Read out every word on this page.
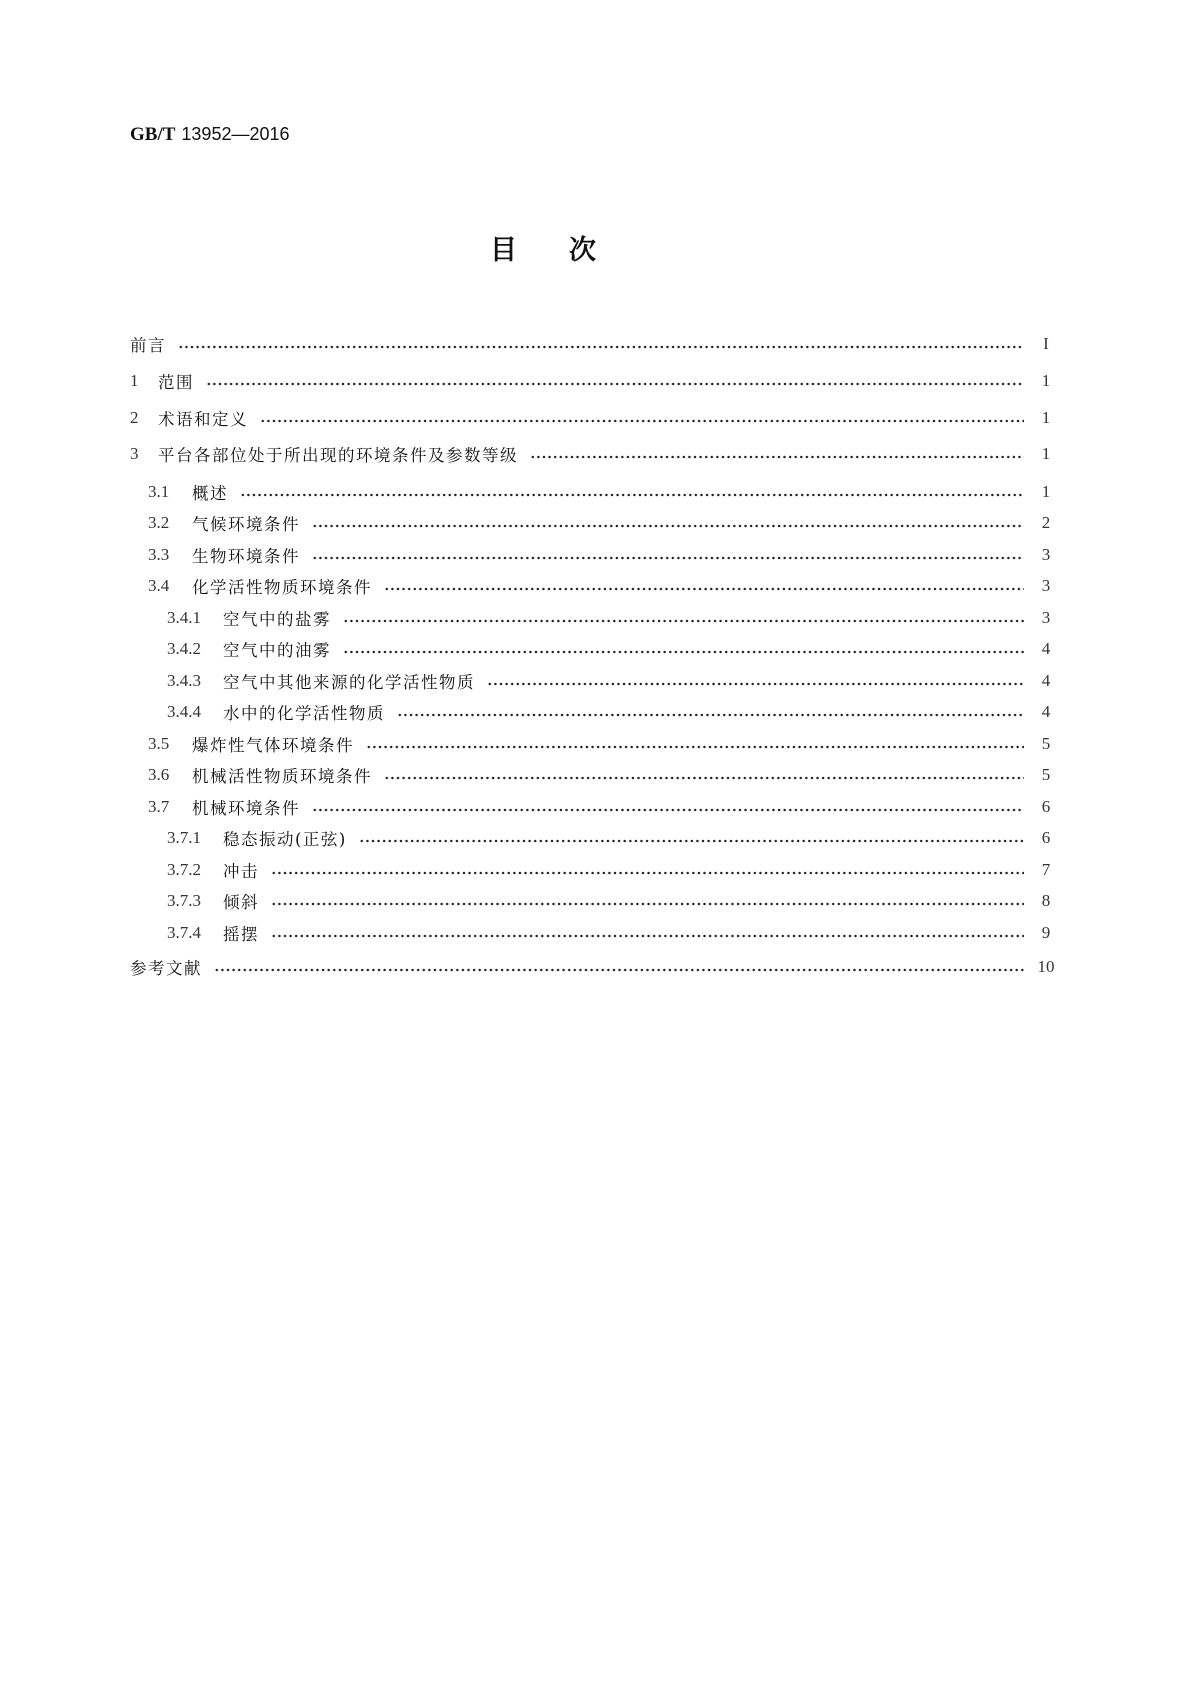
GB/T 13952—2016
目 次
前言	I
1	范围	1
2	术语和定义	1
3	平台各部位处于所出现的环境条件及参数等级	1
3.1	概述	1
3.2	气候环境条件	2
3.3	生物环境条件	3
3.4	化学活性物质环境条件	3
3.4.1	空气中的盐雾	3
3.4.2	空气中的油雾	4
3.4.3	空气中其他来源的化学活性物质	4
3.4.4	水中的化学活性物质	4
3.5	爆炸性气体环境条件	5
3.6	机械活性物质环境条件	5
3.7	机械环境条件	6
3.7.1	稳态振动(正弦)	6
3.7.2	冲击	7
3.7.3	倾斜	8
3.7.4	摇摆	9
参考文献	10
